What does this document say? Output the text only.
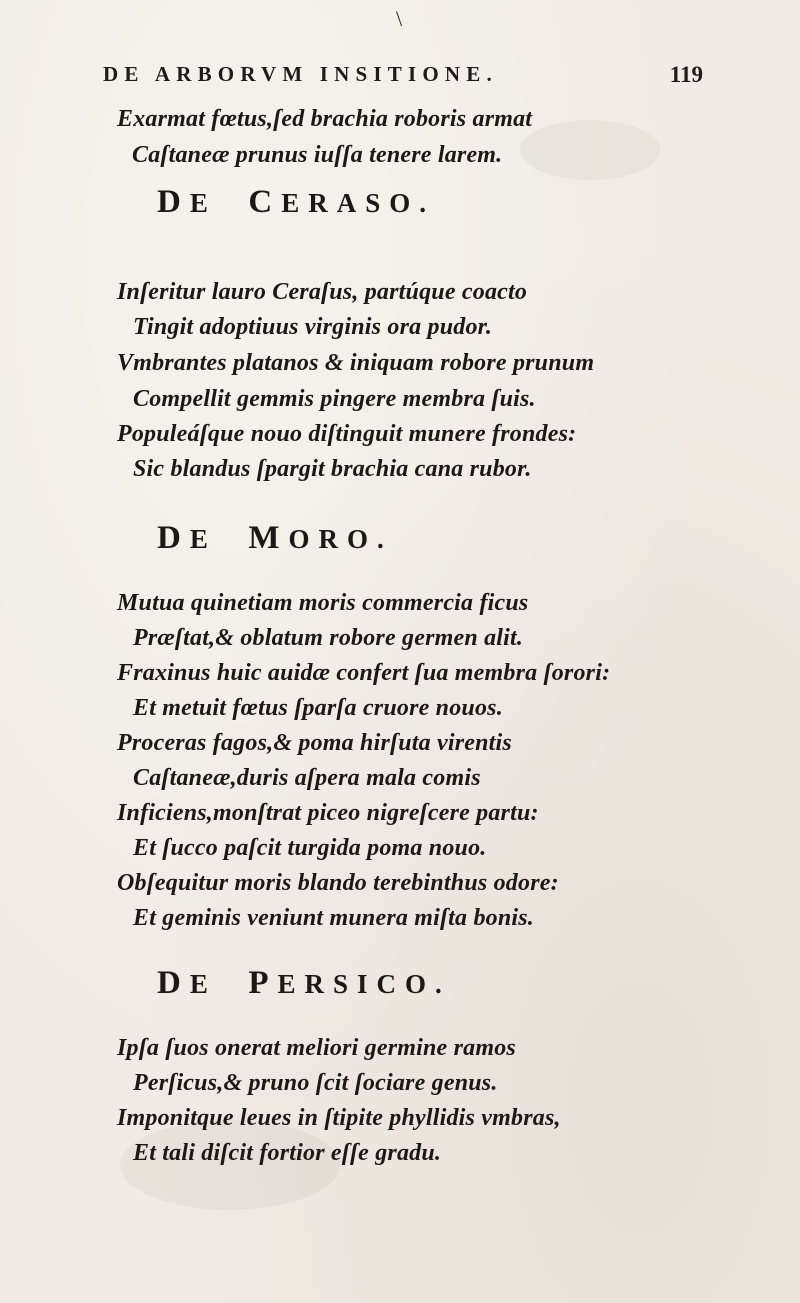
\
DE ARBORVM INSITIONE.	119
Exarmat fœtus,ſed brachia roboris armat
Caſtaneæ prunus iuſſa tenere larem.
DE CERASO.
Inſeritur lauro Ceraſus, partúque coacto
Tingit adoptiuus virginis ora pudor.
Vmbrantes platanos & iniquam robore prunum
Compellit gemmis pingere membra ſuis.
Populeáſque nouo diſtinguit munere frondes:
Sic blandus ſpargit brachia cana rubor.
DE MORO.
Mutua quinetiam moris commercia ficus
Præſtat,& oblatum robore germen alit.
Fraxinus huic auidæ confert ſua membra ſorori:
Et metuit fœtus ſparſa cruore nouos.
Proceras fagos,& poma hirſuta virentis
Caſtaneæ,duris aſpera mala comis
Inficiens,monſtrat piceo nigreſcere partu:
Et ſucco paſcit turgida poma nouo.
Obſequitur moris blando terebinthus odore:
Et geminis veniunt munera miſta bonis.
DE PERSICO.
Ipſa ſuos onerat meliori germine ramos
Perſicus,& pruno ſcit ſociare genus.
Imponitque leues in ſtipite phyllidis vmbras,
Et tali diſcit fortior eſſe gradu.
